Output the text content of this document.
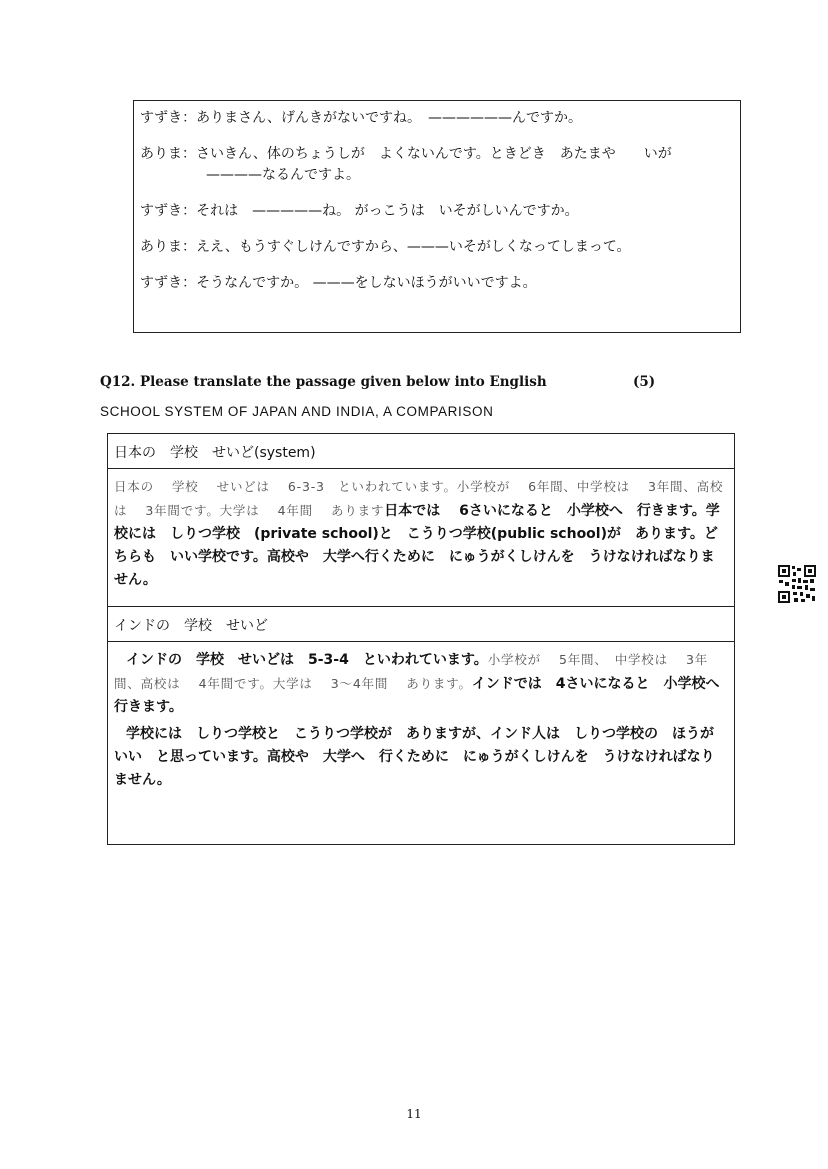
すずき：ありまさん、げんきがないですね。　——————んですか。
ありま：さいきん、体のちょうしが　よくないんです。ときどき　あたまや　　いが
————なるんですよ。
すずき：それは　—————ね。 がっこうは　いそがしいんですか。
ありま：ええ、もうすぐしけんですから、———いそがしくなってしまって。
すずき：そうなんですか。 ———をしないほうがいいですよ。
Q12. Please translate the passage given below into English	(5)
SCHOOL SYSTEM OF JAPAN AND INDIA, A COMPARISON
日本の　学校　せいど(system)

日本の　 学校　 せいどは　 6-3-3　といわれています。小学校が　 6年間、中学校は　 3年間、高校は　 3年間です。大学は　 4年間　 あります日本では　 6さいになると　小学校へ　行きます。学校には　しりつ学校　(private school)と　こうりつ学校(public school)が　あります。どちらも　いい学校です。高校や　大学へ行くために　にゅうがくしけんを　うけなければなりません。

インドの　学校　せいど

インドの　学校　せいどは　5-3-4　といわれています。小学校が　 5年間、　中学校は　 3年間、高校は　 4年間です。大学は　 3～4年間　 あります。インドでは　4さいになると　小学校へ　行きます。

学校には　しりつ学校と　こうりつ学校が　ありますが、インド人は　しりつ学校の　ほうが　いい　と思っています。高校や　大学へ　行くために　にゅうがくしけんを　うけなければなりません。

11
